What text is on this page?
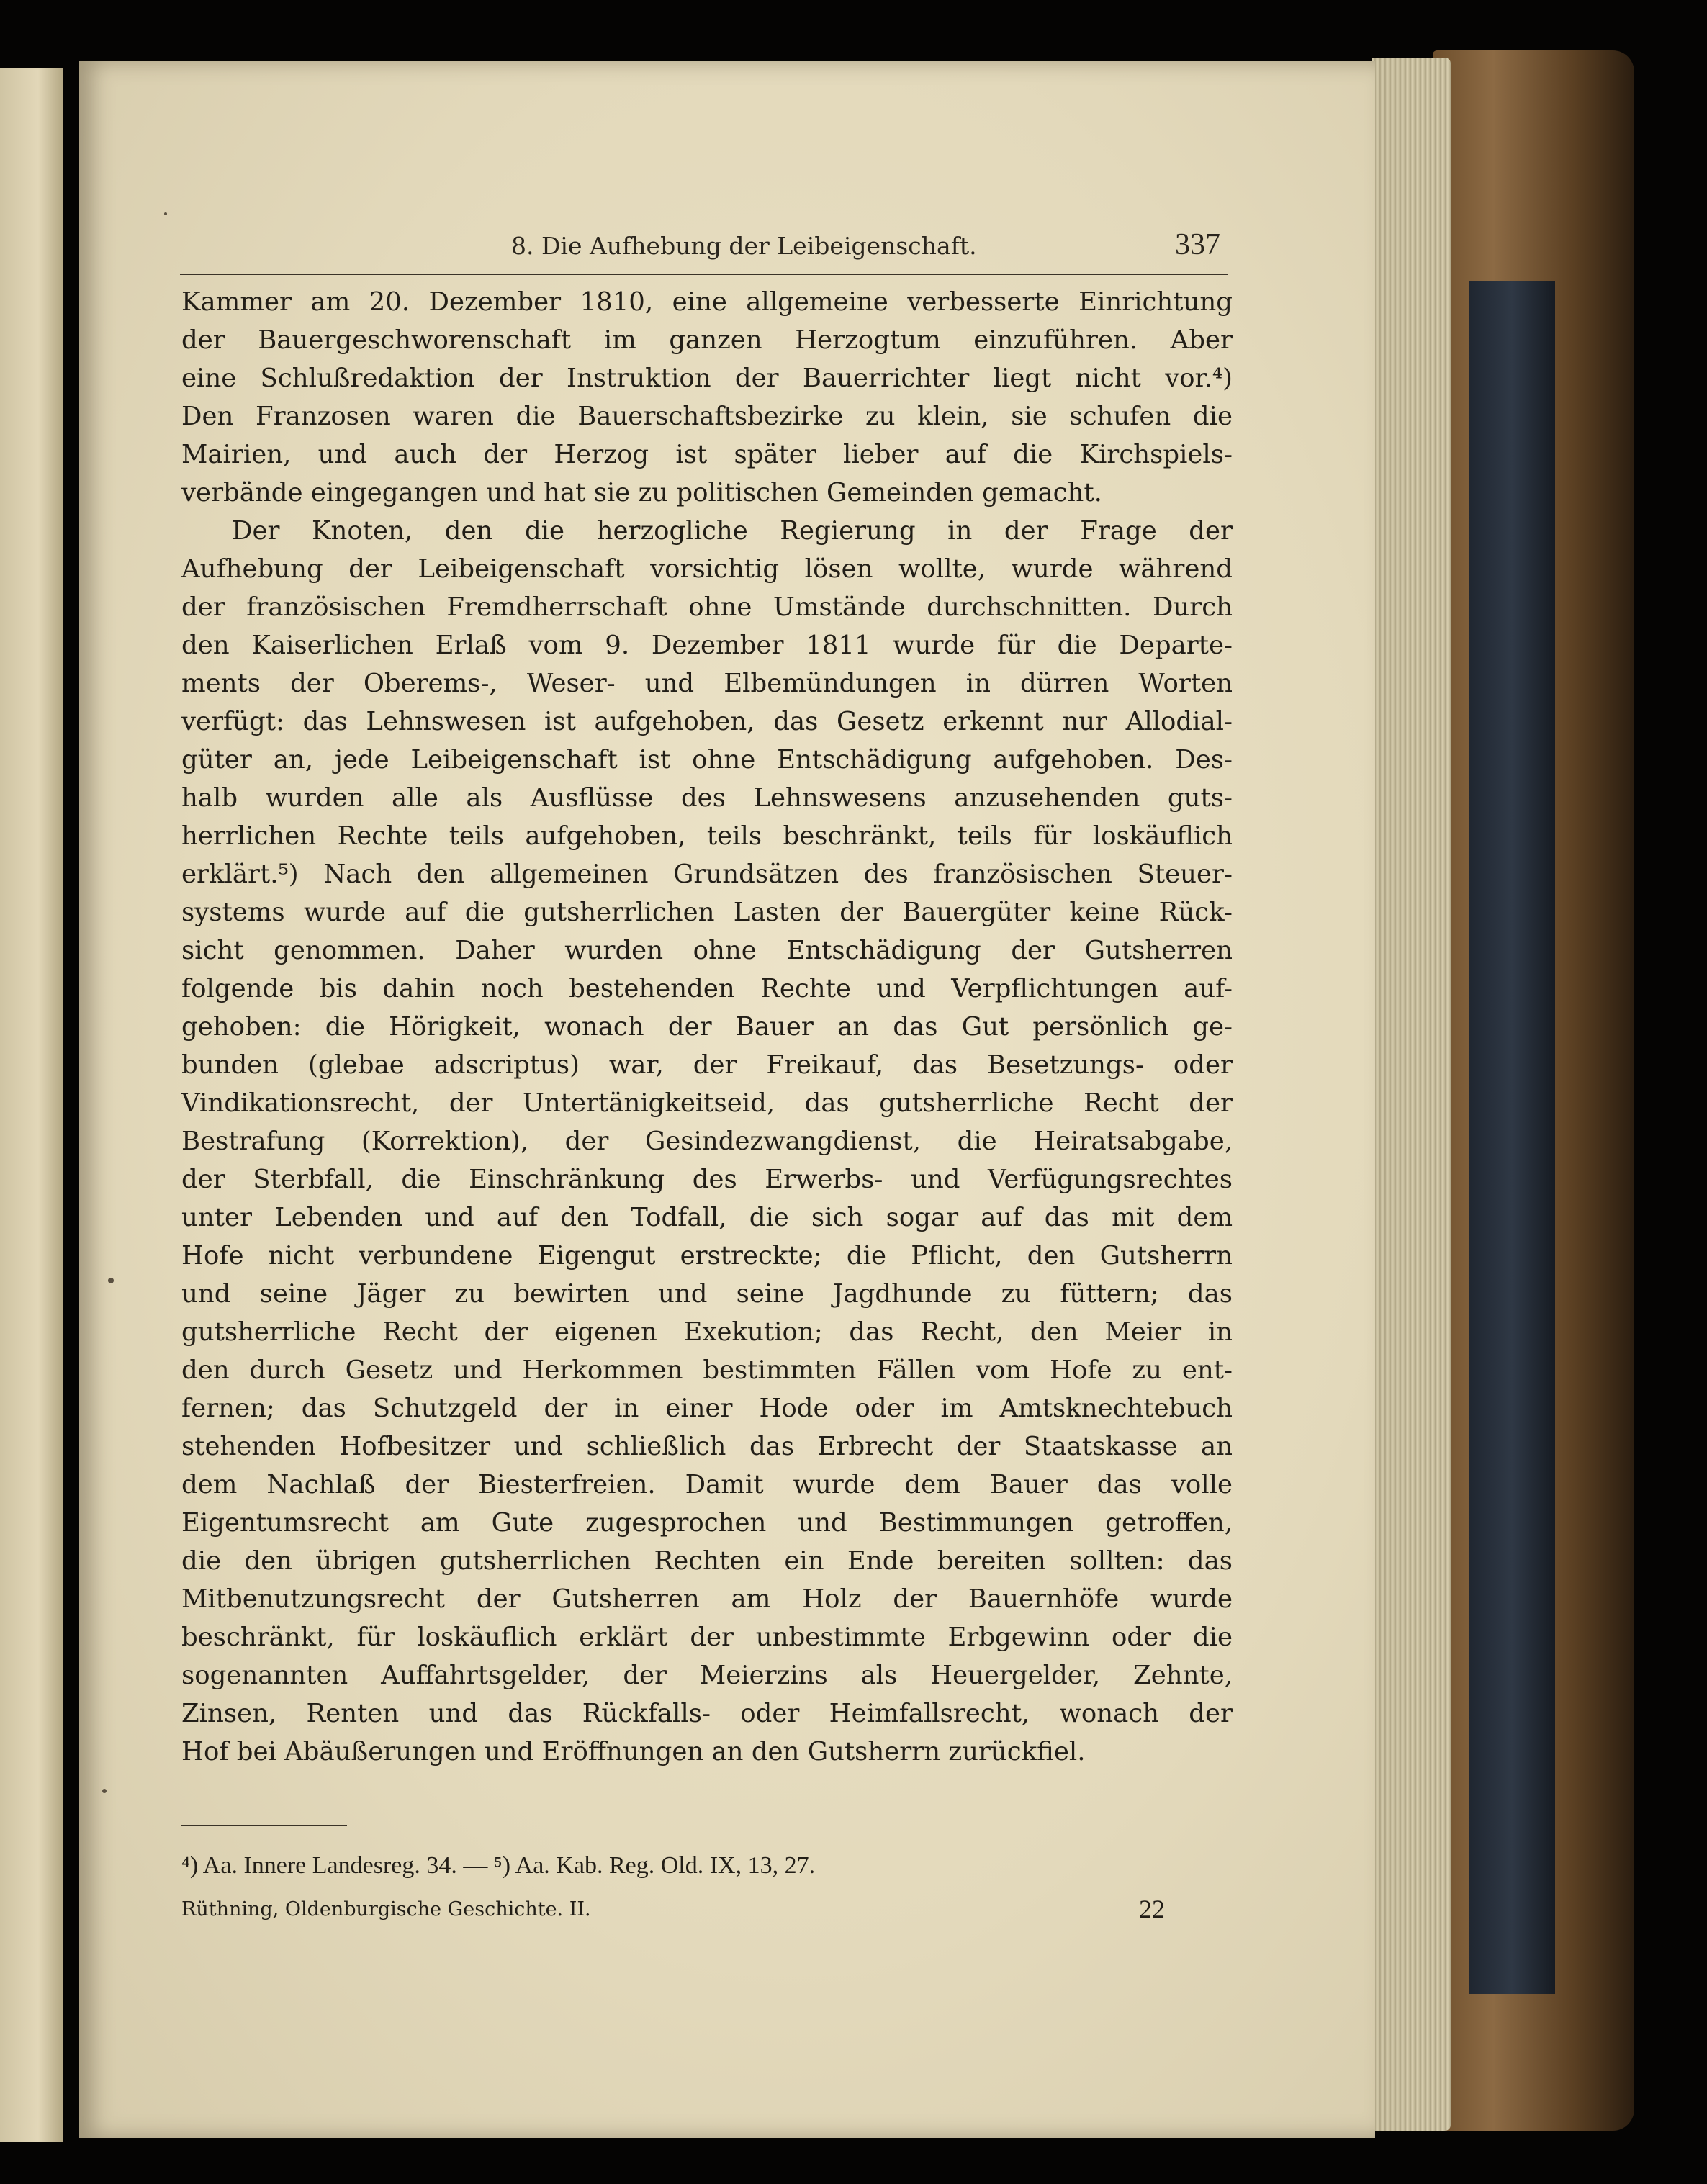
8. Die Aufhebung der Leibeigenschaft.	337
Kammer am 20. Dezember 1810, eine allgemeine verbesserte Einrichtung
der Bauergeschworenschaft im ganzen Herzogtum einzuführen. Aber
eine Schlußredaktion der Instruktion der Bauerrichter liegt nicht vor.⁴)
Den Franzosen waren die Bauerschaftsbezirke zu klein, sie schufen die
Mairien, und auch der Herzog ist später lieber auf die Kirchspiels-
verbände eingegangen und hat sie zu politischen Gemeinden gemacht.
Der Knoten, den die herzogliche Regierung in der Frage der
Aufhebung der Leibeigenschaft vorsichtig lösen wollte, wurde während
der französischen Fremdherrschaft ohne Umstände durchschnitten. Durch
den Kaiserlichen Erlaß vom 9. Dezember 1811 wurde für die Departe-
ments der Oberems-, Weser- und Elbemündungen in dürren Worten
verfügt: das Lehnswesen ist aufgehoben, das Gesetz erkennt nur Allodial-
güter an, jede Leibeigenschaft ist ohne Entschädigung aufgehoben. Des-
halb wurden alle als Ausflüsse des Lehnswesens anzusehenden guts-
herrlichen Rechte teils aufgehoben, teils beschränkt, teils für loskäuflich
erklärt.⁵) Nach den allgemeinen Grundsätzen des französischen Steuer-
systems wurde auf die gutsherrlichen Lasten der Bauergüter keine Rück-
sicht genommen. Daher wurden ohne Entschädigung der Gutsherren
folgende bis dahin noch bestehenden Rechte und Verpflichtungen auf-
gehoben: die Hörigkeit, wonach der Bauer an das Gut persönlich ge-
bunden (glebae adscriptus) war, der Freikauf, das Besetzungs- oder
Vindikationsrecht, der Untertänigkeitseid, das gutsherrliche Recht der
Bestrafung (Korrektion), der Gesindezwangdienst, die Heiratsabgabe,
der Sterbfall, die Einschränkung des Erwerbs- und Verfügungsrechtes
unter Lebenden und auf den Todfall, die sich sogar auf das mit dem
Hofe nicht verbundene Eigengut erstreckte; die Pflicht, den Gutsherrn
und seine Jäger zu bewirten und seine Jagdhunde zu füttern; das
gutsherrliche Recht der eigenen Exekution; das Recht, den Meier in
den durch Gesetz und Herkommen bestimmten Fällen vom Hofe zu ent-
fernen; das Schutzgeld der in einer Hode oder im Amtsknechtebuch
stehenden Hofbesitzer und schließlich das Erbrecht der Staatskasse an
dem Nachlaß der Biesterfreien. Damit wurde dem Bauer das volle
Eigentumsrecht am Gute zugesprochen und Bestimmungen getroffen,
die den übrigen gutsherrlichen Rechten ein Ende bereiten sollten: das
Mitbenutzungsrecht der Gutsherren am Holz der Bauernhöfe wurde
beschränkt, für loskäuflich erklärt der unbestimmte Erbgewinn oder die
sogenannten Auffahrtsgelder, der Meierzins als Heuergelder, Zehnte,
Zinsen, Renten und das Rückfalls- oder Heimfallsrecht, wonach der
Hof bei Abäußerungen und Eröffnungen an den Gutsherrn zurückfiel.
⁴) Aa. Innere Landesreg. 34. — ⁵) Aa. Kab. Reg. Old. IX, 13, 27.
Rüthning, Oldenburgische Geschichte. II.	22
